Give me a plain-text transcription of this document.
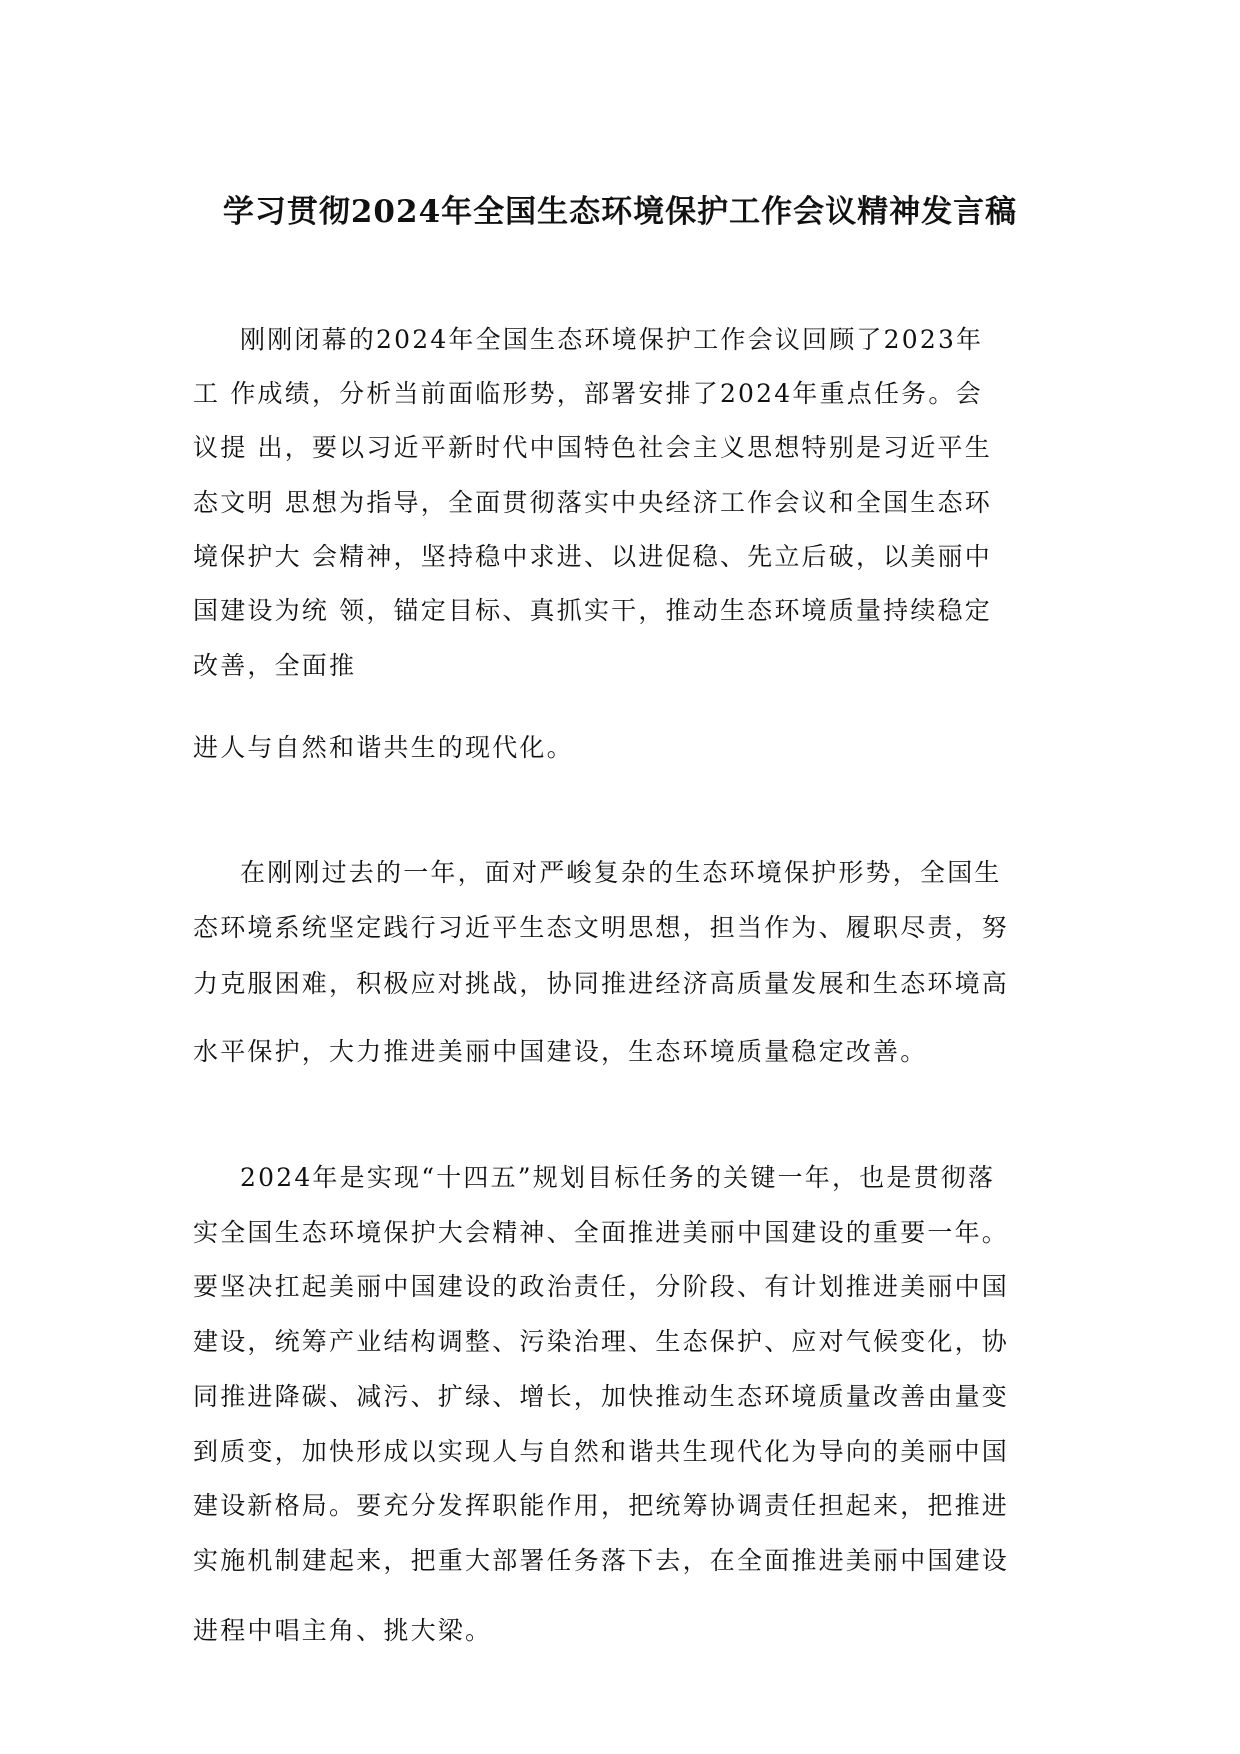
学习贯彻2024年全国生态环境保护工作会议精神发言稿
刚刚闭幕的2024年全国生态环境保护工作会议回顾了2023年
工 作成绩，分析当前面临形势，部署安排了2024年重点任务。会
议提 出，要以习近平新时代中国特色社会主义思想特别是习近平生
态文明 思想为指导，全面贯彻落实中央经济工作会议和全国生态环
境保护大 会精神，坚持稳中求进、以进促稳、先立后破，以美丽中
国建设为统 领，锚定目标、真抓实干，推动生态环境质量持续稳定
改善，全面推
进人与自然和谐共生的现代化。
在刚刚过去的一年，面对严峻复杂的生态环境保护形势，全国生
态环境系统坚定践行习近平生态文明思想，担当作为、履职尽责，努
力克服困难，积极应对挑战，协同推进经济高质量发展和生态环境高
水平保护，大力推进美丽中国建设，生态环境质量稳定改善。
2024年是实现“十四五”规划目标任务的关键一年，也是贯彻落
实全国生态环境保护大会精神、全面推进美丽中国建设的重要一年。
要坚决扛起美丽中国建设的政治责任，分阶段、有计划推进美丽中国
建设，统筹产业结构调整、污染治理、生态保护、应对气候变化，协
同推进降碳、减污、扩绿、增长，加快推动生态环境质量改善由量变
到质变，加快形成以实现人与自然和谐共生现代化为导向的美丽中国
建设新格局。要充分发挥职能作用，把统筹协调责任担起来，把推进
实施机制建起来，把重大部署任务落下去，在全面推进美丽中国建设
进程中唱主角、挑大梁。
